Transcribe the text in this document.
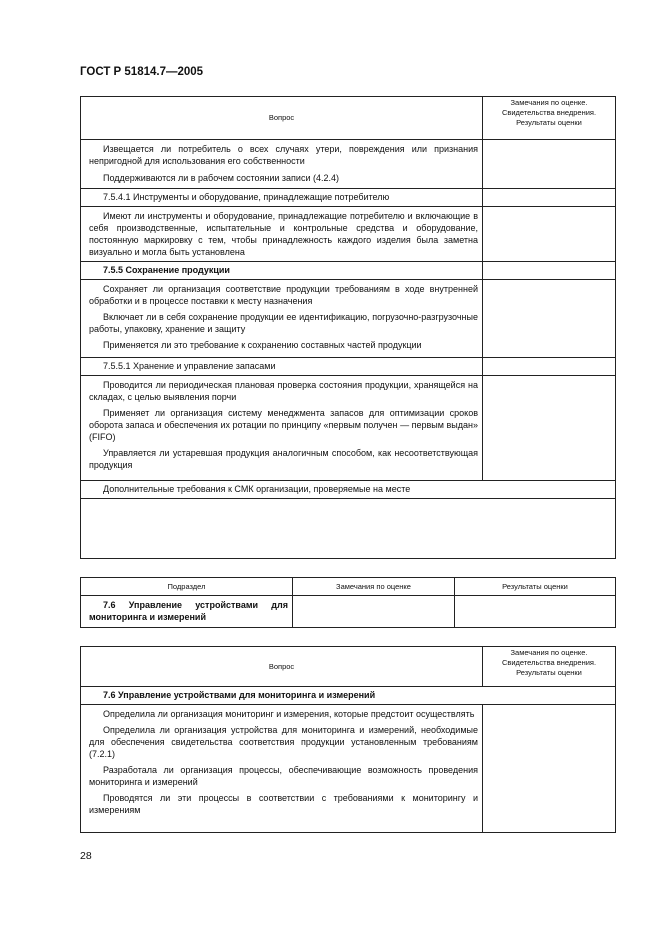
ГОСТ Р 51814.7—2005
Вопрос	Замечания по оценке. Свидетельства внедрения. Результаты оценки

Извещается ли потребитель о всех случаях утери, повреждения или признания непригодной для использования его собственности

Поддерживаются ли в рабочем состоянии записи (4.2.4)	

7.5.4.1 Инструменты и оборудование, принадлежащие потребителю	

Имеют ли инструменты и оборудование, принадлежащие потребителю и включающие в себя производственные, испытательные и контрольные средства и оборудование, постоянную маркировку с тем, чтобы принадлежность каждого изделия была заметна визуально и могла быть установлена	

7.5.5 Сохранение продукции	

Сохраняет ли организация соответствие продукции требованиям в ходе внутренней обработки и в процессе поставки к месту назначения

Включает ли в себя сохранение продукции ее идентификацию, погрузочно-разгрузочные работы, упаковку, хранение и защиту

Применяется ли это требование к сохранению составных частей продукции	

7.5.5.1 Хранение и управление запасами	

Проводится ли периодическая плановая проверка состояния продукции, хранящейся на складах, с целью выявления порчи

Применяет ли организация систему менеджмента запасов для оптимизации сроков оборота запаса и обеспечения их ротации по принципу «первым получен — первым выдан» (FIFO)

Управляется ли устаревшая продукция аналогичным способом, как несоответствующая продукция	

Дополнительные требования к СМК организации, проверяемые на месте	

Подраздел	Замечания по оценке	Результаты оценки

7.6 Управление устройствами для мониторинга и измерений		

Вопрос	Замечания по оценке. Свидетельства внедрения. Результаты оценки

7.6 Управление устройствами для мониторинга и измерений	

Определила ли организация мониторинг и измерения, которые предстоит осуществлять

Определила ли организация устройства для мониторинга и измерений, необходимые для обеспечения свидетельства соответствия продукции установленным требованиям (7.2.1)

Разработала ли организация процессы, обеспечивающие возможность проведения мониторинга и измерений

Проводятся ли эти процессы в соответствии с требованиями к мониторингу и измерениям	

28
